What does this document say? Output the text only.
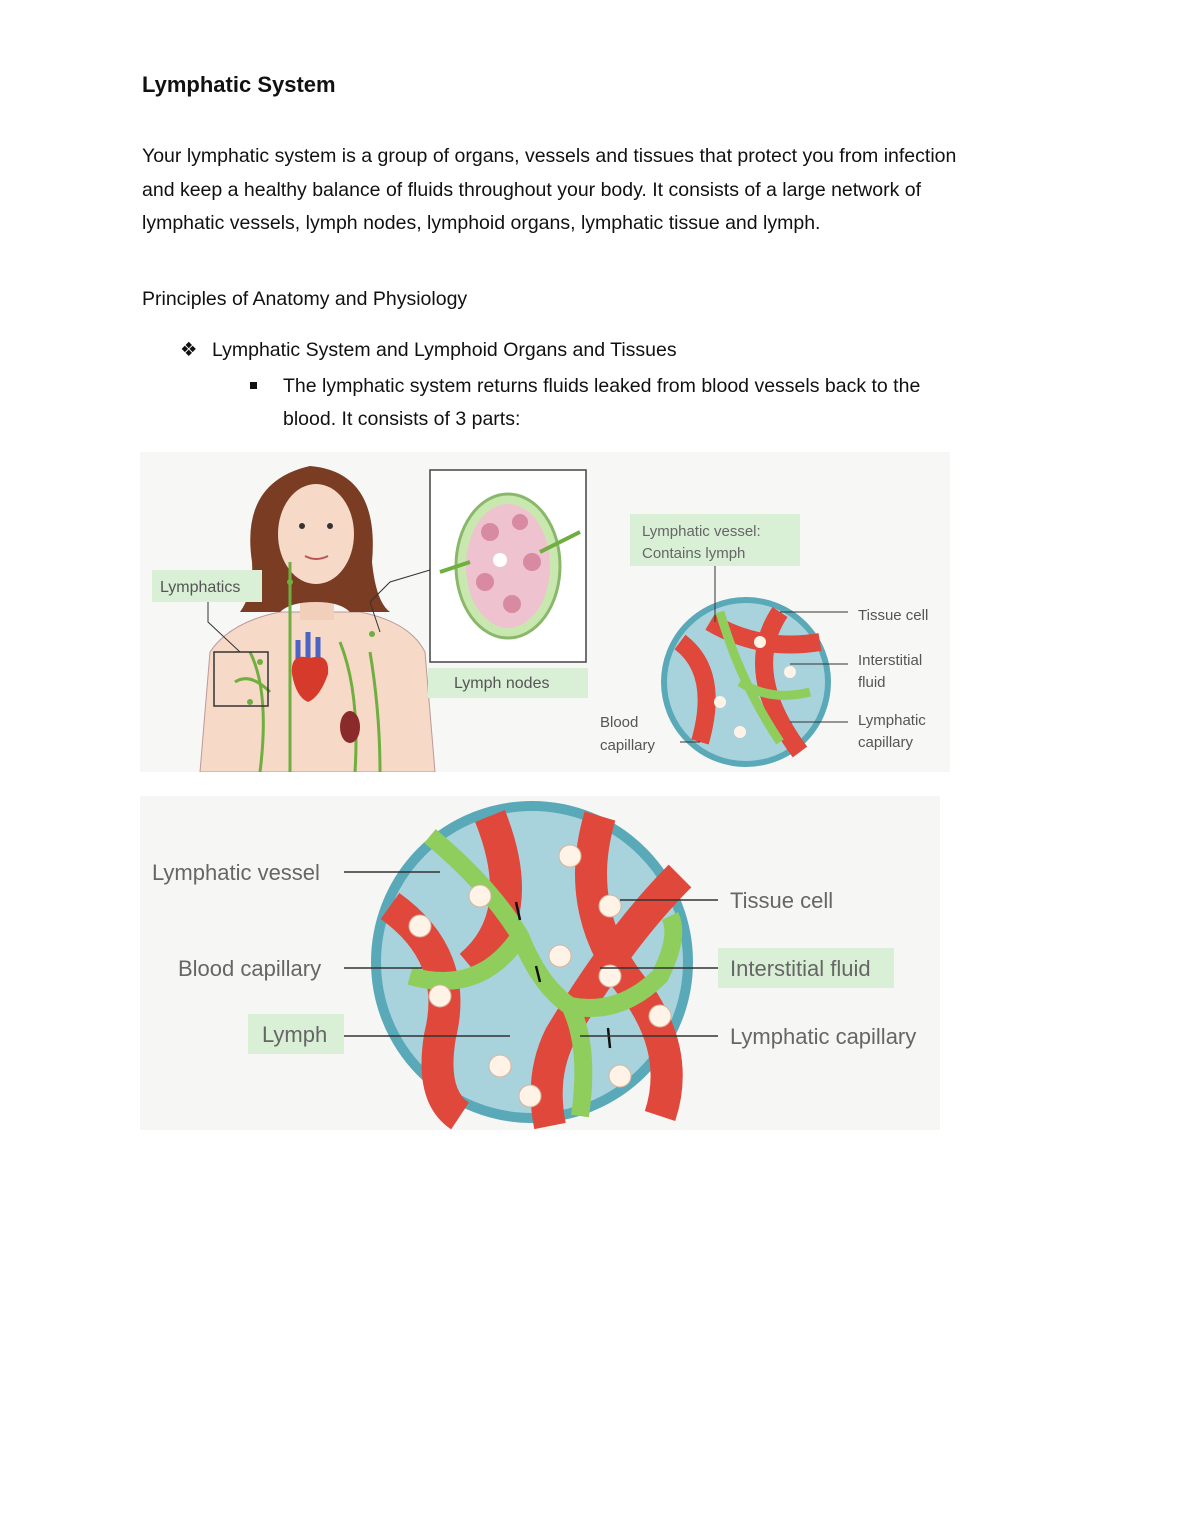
Lymphatic System
Your lymphatic system is a group of organs, vessels and tissues that protect you from infection and keep a healthy balance of fluids throughout your body. It consists of a large network of lymphatic vessels, lymph nodes, lymphoid organs, lymphatic tissue and lymph.
Principles of Anatomy and Physiology
❖ Lymphatic System and Lymphoid Organs and Tissues
The lymphatic system returns fluids leaked from blood vessels back to the blood. It consists of 3 parts:
Lymphatics
Lymph nodes
Lymphatic vessel:
Contains lymph
Tissue cell
Interstitial
fluid
Lymphatic
capillary
Blood
capillary
Lymphatic vessel
Blood capillary
Lymph
Tissue cell
Interstitial fluid
Lymphatic capillary
